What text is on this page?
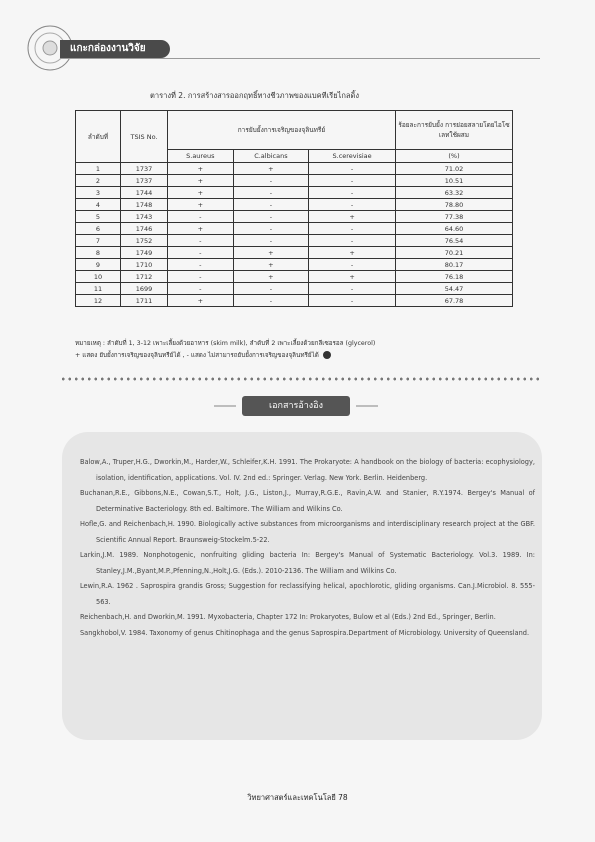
แกะกล่องงานวิจัย
ตารางที่ 2. การสร้างสารออกฤทธิ์ทางชีวภาพของแบคทีเรียไกลดิ้ง
ลำดับที่	TSIS No.	การยับยั้งการเจริญของจุลินทรีย์			ร้อยละการยับยั้ง การย่อยสลายโดยไอโซเลทใช้ผสม
		S.aureus	C.albicans	S.cerevisiae	(%)
1	1737	+	+	-	71.02
2	1737	+	-	-	10.51
3	1744	+	-	-	63.32
4	1748	+	-	-	78.80
5	1743	-	-	+	77.38
6	1746	+	-	-	64.60
7	1752	-	-	-	76.54
8	1749	-	+	+	70.21
9	1710	-	+	-	80.17
10	1712	-	+	+	76.18
11	1699	-	-	-	54.47
12	1711	+	-	-	67.78
หมายเหตุ : ลำดับที่ 1, 3-12 เพาะเลี้ยงด้วยอาหาร (skim milk), ลำดับที่ 2 เพาะเลี้ยงด้วยกลีเซอรอล (glycerol)
+ แสดง ยับยั้งการเจริญของจุลินทรีย์ได้ , - แสดง ไม่สามารถยับยั้งการเจริญของจุลินทรีย์ได้
เอกสารอ้างอิง
Balow,A., Truper,H.G., Dworkin,M., Harder,W., Schleifer,K.H. 1991. The Prokaryote: A handbook on the biology of bacteria: ecophysiology, isolation, identification, applications. Vol. IV. 2nd ed.: Springer. Verlag. New York. Berlin. Heidenberg.
Buchanan,R.E., Gibbons,N.E., Cowan,S.T., Holt, J.G., Liston,J., Murray,R.G.E., Ravin,A.W. and Stanier, R.Y.1974. Bergey's Manual of Determinative Bacteriology. 8th ed. Baltimore. The William and Wilkins Co.
Hofle,G. and Reichenbach,H. 1990. Biologically active substances from microorganisms and interdisciplinary research project at the GBF. Scientific Annual Report. Braunsweig-Stockelm.5-22.
Larkin,J.M. 1989. Nonphotogenic, nonfruiting gliding bacteria In: Bergey's Manual of Systematic Bacteriology. Vol.3. 1989. In: Stanley,J.M.,Byant,M.P.,Pfenning,N.,Holt,J.G. (Eds.). 2010-2136. The William and Wilkins Co.
Lewin,R.A. 1962 . Saprospira grandis Gross; Suggestion for reclassifying helical, apochlorotic, gliding organisms. Can.J.Microbiol. 8. 555-563.
Reichenbach,H. and Dworkin,M. 1991. Myxobacteria, Chapter 172 In: Prokaryotes, Bulow et al (Eds.) 2nd Ed., Springer, Berlin.
Sangkhobol,V. 1984. Taxonomy of genus Chitinophaga and the genus Saprospira.Department of Microbiology. University of Queensland.
วิทยาศาสตร์และเทคโนโลยี 78
